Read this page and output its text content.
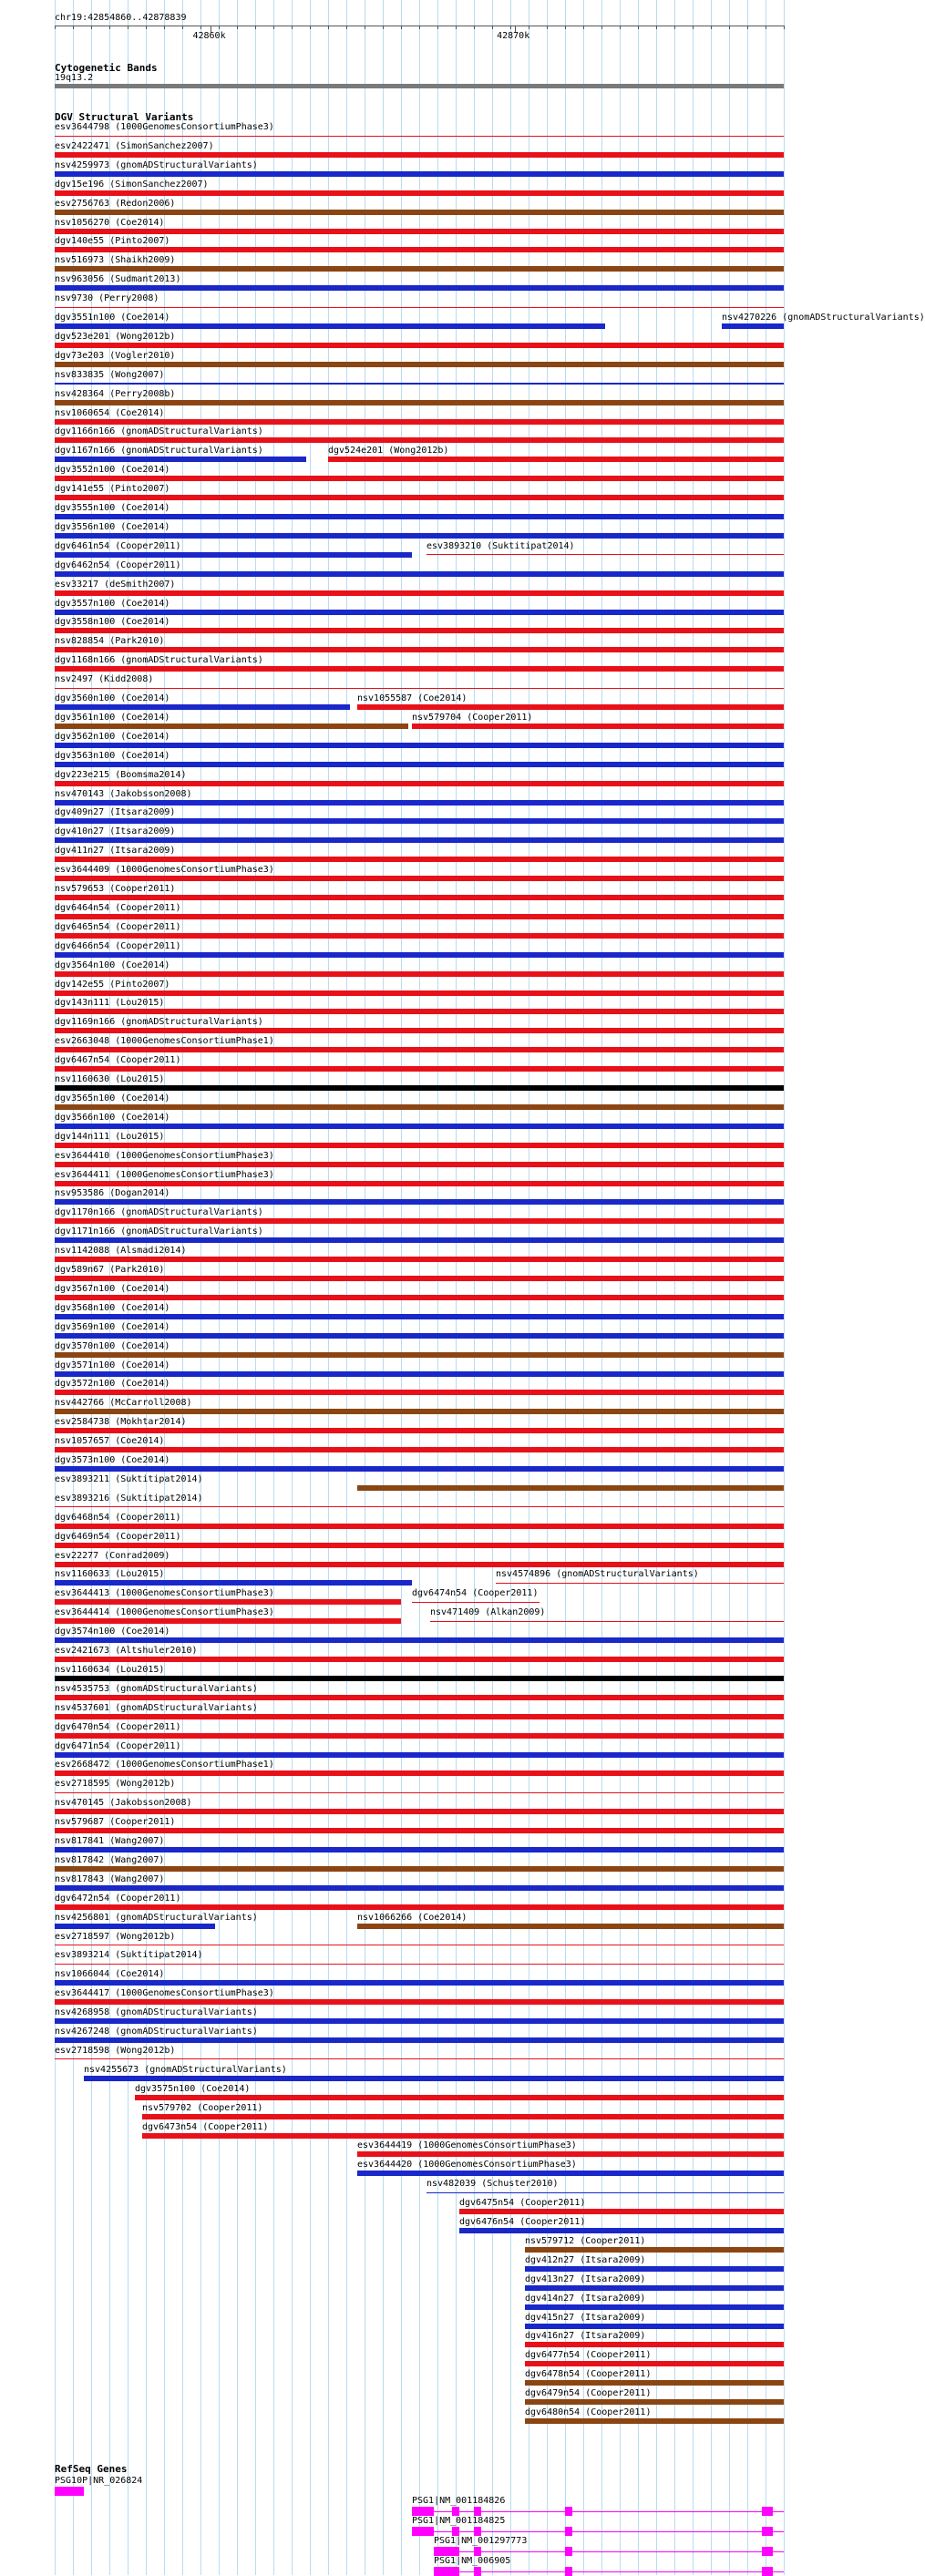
chr19:42854860..42878839
42860k	42870k
Cytogenetic Bands
19q13.2
DGV Structural Variants
esv3644798 (1000GenomesConsortiumPhase3)
esv2422471 (SimonSanchez2007)
nsv4259973 (gnomADStructuralVariants)
dgv15e196 (SimonSanchez2007)
esv2756763 (Redon2006)
nsv1056270 (Coe2014)
dgv140e55 (Pinto2007)
nsv516973 (Shaikh2009)
nsv963056 (Sudmant2013)
nsv9730 (Perry2008)
dgv3551n100 (Coe2014)	nsv4270226 (gnomADStructuralVariants)
dgv523e201 (Wong2012b)
dgv73e203 (Vogler2010)
nsv833835 (Wong2007)
nsv428364 (Perry2008b)
nsv1060654 (Coe2014)
dgv1166n166 (gnomADStructuralVariants)
dgv1167n166 (gnomADStructuralVariants)	dgv524e201 (Wong2012b)
dgv3552n100 (Coe2014)
dgv141e55 (Pinto2007)
dgv3555n100 (Coe2014)
dgv3556n100 (Coe2014)
dgv6461n54 (Cooper2011)	esv3893210 (Suktitipat2014)
dgv6462n54 (Cooper2011)
esv33217 (deSmith2007)
dgv3557n100 (Coe2014)
dgv3558n100 (Coe2014)
nsv828854 (Park2010)
dgv1168n166 (gnomADStructuralVariants)
nsv2497 (Kidd2008)
dgv3560n100 (Coe2014)	nsv1055587 (Coe2014)
dgv3561n100 (Coe2014)	nsv579704 (Cooper2011)
dgv3562n100 (Coe2014)
dgv3563n100 (Coe2014)
dgv223e215 (Boomsma2014)
nsv470143 (Jakobsson2008)
dgv409n27 (Itsara2009)
dgv410n27 (Itsara2009)
dgv411n27 (Itsara2009)
esv3644409 (1000GenomesConsortiumPhase3)
nsv579653 (Cooper2011)
dgv6464n54 (Cooper2011)
dgv6465n54 (Cooper2011)
dgv6466n54 (Cooper2011)
dgv3564n100 (Coe2014)
dgv142e55 (Pinto2007)
dgv143n111 (Lou2015)
dgv1169n166 (gnomADStructuralVariants)
esv2663048 (1000GenomesConsortiumPhase1)
dgv6467n54 (Cooper2011)
nsv1160630 (Lou2015)
dgv3565n100 (Coe2014)
dgv3566n100 (Coe2014)
dgv144n111 (Lou2015)
esv3644410 (1000GenomesConsortiumPhase3)
esv3644411 (1000GenomesConsortiumPhase3)
nsv953586 (Dogan2014)
dgv1170n166 (gnomADStructuralVariants)
dgv1171n166 (gnomADStructuralVariants)
nsv1142088 (Alsmadi2014)
dgv589n67 (Park2010)
dgv3567n100 (Coe2014)
dgv3568n100 (Coe2014)
dgv3569n100 (Coe2014)
dgv3570n100 (Coe2014)
dgv3571n100 (Coe2014)
dgv3572n100 (Coe2014)
nsv442766 (McCarroll2008)
esv2584738 (Mokhtar2014)
nsv1057657 (Coe2014)
dgv3573n100 (Coe2014)
esv3893211 (Suktitipat2014)
esv3893216 (Suktitipat2014)
dgv6468n54 (Cooper2011)
dgv6469n54 (Cooper2011)
esv22277 (Conrad2009)
nsv1160633 (Lou2015)	nsv4574896 (gnomADStructuralVariants)
esv3644413 (1000GenomesConsortiumPhase3)	dgv6474n54 (Cooper2011)
esv3644414 (1000GenomesConsortiumPhase3)	nsv471409 (Alkan2009)
dgv3574n100 (Coe2014)
esv2421673 (Altshuler2010)
nsv1160634 (Lou2015)
nsv4535753 (gnomADStructuralVariants)
nsv4537601 (gnomADStructuralVariants)
dgv6470n54 (Cooper2011)
dgv6471n54 (Cooper2011)
esv2668472 (1000GenomesConsortiumPhase1)
esv2718595 (Wong2012b)
nsv470145 (Jakobsson2008)
nsv579687 (Cooper2011)
nsv817841 (Wang2007)
nsv817842 (Wang2007)
nsv817843 (Wang2007)
dgv6472n54 (Cooper2011)
nsv4256801 (gnomADStructuralVariants)	nsv1066266 (Coe2014)
esv2718597 (Wong2012b)
esv3893214 (Suktitipat2014)
nsv1066044 (Coe2014)
esv3644417 (1000GenomesConsortiumPhase3)
nsv4268958 (gnomADStructuralVariants)
nsv4267248 (gnomADStructuralVariants)
esv2718598 (Wong2012b)
nsv4255673 (gnomADStructuralVariants)
dgv3575n100 (Coe2014)
nsv579702 (Cooper2011)
dgv6473n54 (Cooper2011)
esv3644419 (1000GenomesConsortiumPhase3)
esv3644420 (1000GenomesConsortiumPhase3)
nsv482039 (Schuster2010)
dgv6475n54 (Cooper2011)
dgv6476n54 (Cooper2011)
nsv579712 (Cooper2011)
dgv412n27 (Itsara2009)
dgv413n27 (Itsara2009)
dgv414n27 (Itsara2009)
dgv415n27 (Itsara2009)
dgv416n27 (Itsara2009)
dgv6477n54 (Cooper2011)
dgv6478n54 (Cooper2011)
dgv6479n54 (Cooper2011)
dgv6480n54 (Cooper2011)
RefSeq Genes
PSG10P|NR_026824
PSG1|NM_001184826
PSG1|NM_001184825
PSG1|NM_001297773
PSG1|NM_006905
